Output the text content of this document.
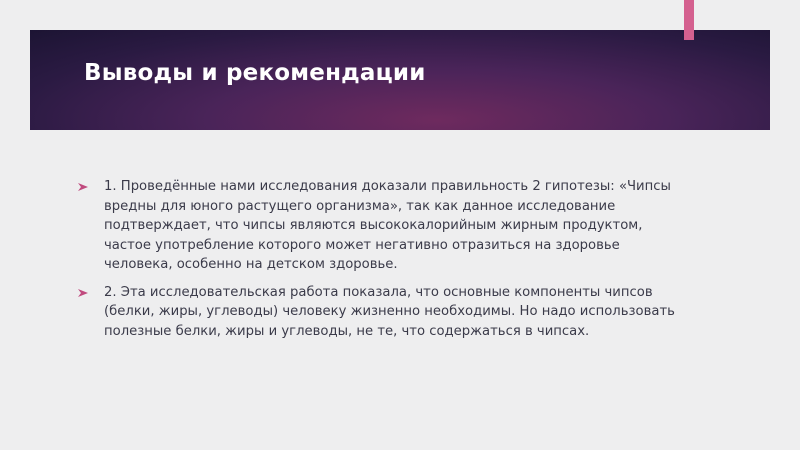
Выводы и рекомендации
1. Проведённые нами исследования доказали правильность 2 гипотезы: «Чипсы вредны для юного растущего организма», так как данное исследование подтверждает, что чипсы являются высококалорийным жирным продуктом, частое употребление которого может негативно отразиться на здоровье человека, особенно на детском здоровье.
2. Эта исследовательская работа показала, что основные компоненты чипсов (белки, жиры, углеводы) человеку жизненно необходимы. Но надо использовать полезные белки, жиры и углеводы, не те, что содержаться в чипсах.
